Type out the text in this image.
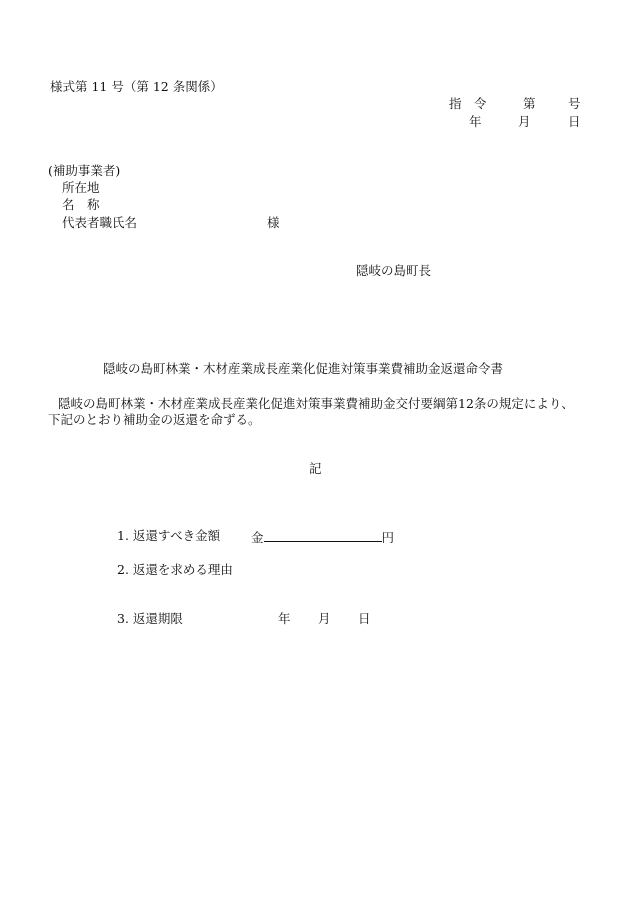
様式第 11 号（第 12 条関係）

指　令	第	号

年	月	日

(補助事業者)

所在地

名　称

代表者職氏名	様

隠岐の島町長

隠岐の島町林業・木材産業成長産業化促進対策事業費補助金返還命令書

隠岐の島町林業・木材産業成長産業化促進対策事業費補助金交付要綱第12条の規定により、

下記のとおり補助金の返還を命ずる。

記

1. 返還すべき金額 金	円

2. 返還を求める理由

3. 返還期限	年 月 日
